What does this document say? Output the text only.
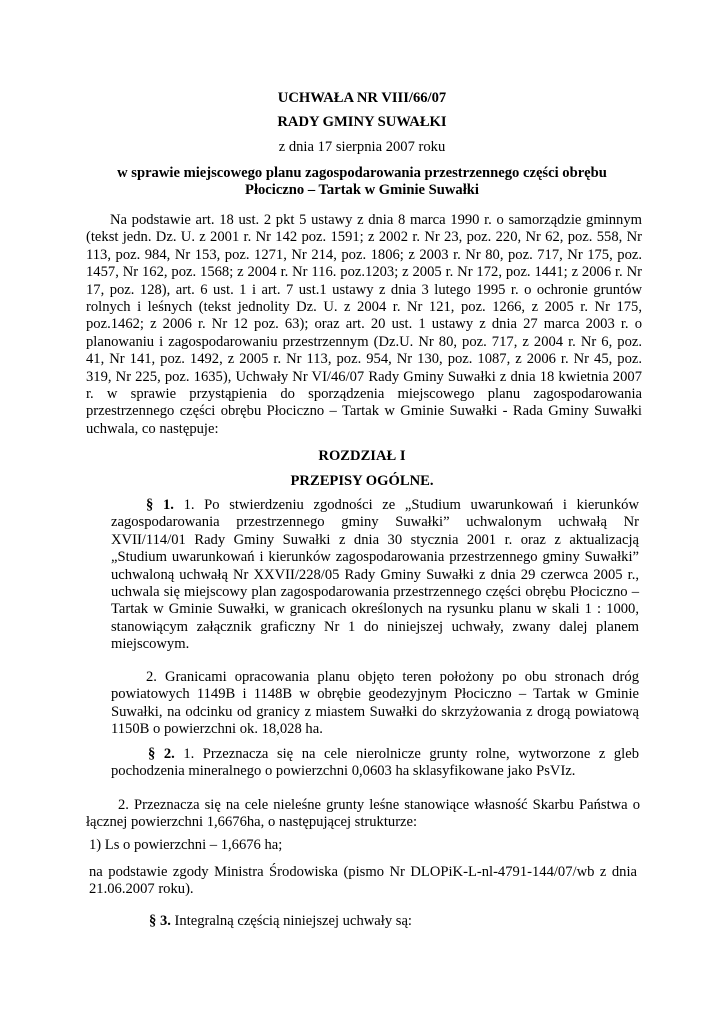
UCHWAŁA NR VIII/66/07
RADY GMINY SUWAŁKI
z dnia 17 sierpnia 2007 roku
w sprawie miejscowego planu zagospodarowania przestrzennego części obrębu
Płociczno – Tartak w Gminie Suwałki

Na podstawie art. 18 ust. 2 pkt 5 ustawy z dnia 8 marca 1990 r. o samorządzie gminnym (tekst jedn. Dz. U. z 2001 r. Nr 142 poz. 1591; z 2002 r. Nr 23, poz. 220, Nr 62, poz. 558, Nr 113, poz. 984, Nr 153, poz. 1271, Nr 214, poz. 1806; z 2003 r. Nr 80, poz. 717, Nr 175, poz. 1457, Nr 162, poz. 1568; z 2004 r. Nr 116. poz.1203; z 2005 r. Nr 172, poz. 1441; z 2006 r. Nr 17, poz. 128), art. 6 ust. 1 i art. 7 ust.1 ustawy z dnia 3 lutego 1995 r. o ochronie gruntów rolnych i leśnych (tekst jednolity Dz. U. z 2004 r. Nr 121, poz. 1266, z 2005 r. Nr 175, poz.1462; z 2006 r. Nr 12 poz. 63); oraz art. 20 ust. 1 ustawy z dnia 27 marca 2003 r. o planowaniu i zagospodarowaniu przestrzennym (Dz.U. Nr 80, poz. 717, z 2004 r. Nr 6, poz. 41, Nr 141, poz. 1492, z 2005 r. Nr 113, poz. 954, Nr 130, poz. 1087, z 2006 r. Nr 45, poz. 319, Nr 225, poz. 1635), Uchwały Nr VI/46/07 Rady Gminy Suwałki z dnia 18 kwietnia 2007 r. w sprawie przystąpienia do sporządzenia miejscowego planu zagospodarowania przestrzennego części obrębu Płociczno – Tartak w Gminie Suwałki - Rada Gminy Suwałki uchwala, co następuje:

ROZDZIAŁ I
PRZEPISY OGÓLNE.

§ 1. 1. Po stwierdzeniu zgodności ze „Studium uwarunkowań i kierunków zagospodarowania przestrzennego gminy Suwałki” uchwalonym uchwałą Nr XVII/114/01 Rady Gminy Suwałki z dnia 30 stycznia 2001 r. oraz z aktualizacją „Studium uwarunkowań i kierunków zagospodarowania przestrzennego gminy Suwałki” uchwaloną uchwałą Nr XXVII/228/05 Rady Gminy Suwałki z dnia 29 czerwca 2005 r., uchwala się miejscowy plan zagospodarowania przestrzennego części obrębu Płociczno – Tartak w Gminie Suwałki, w granicach określonych na rysunku planu w skali 1 : 1000, stanowiącym załącznik graficzny Nr 1 do niniejszej uchwały, zwany dalej planem miejscowym.

2. Granicami opracowania planu objęto teren położony po obu stronach dróg powiatowych 1149B i 1148B w obrębie geodezyjnym Płociczno – Tartak w Gminie Suwałki, na odcinku od granicy z miastem Suwałki do skrzyżowania z drogą powiatową 1150B o powierzchni ok. 18,028 ha.

§ 2. 1. Przeznacza się na cele nierolnicze grunty rolne, wytworzone z gleb pochodzenia mineralnego o powierzchni 0,0603 ha sklasyfikowane jako PsVIz.

2. Przeznacza się na cele nieleśne grunty leśne stanowiące własność Skarbu Państwa o łącznej powierzchni 1,6676ha, o następującej strukturze:

1) Ls o powierzchni – 1,6676 ha;

na podstawie zgody Ministra Środowiska (pismo Nr DLOPiK-L-nl-4791-144/07/wb z dnia 21.06.2007 roku).

§ 3. Integralną częścią niniejszej uchwały są:
